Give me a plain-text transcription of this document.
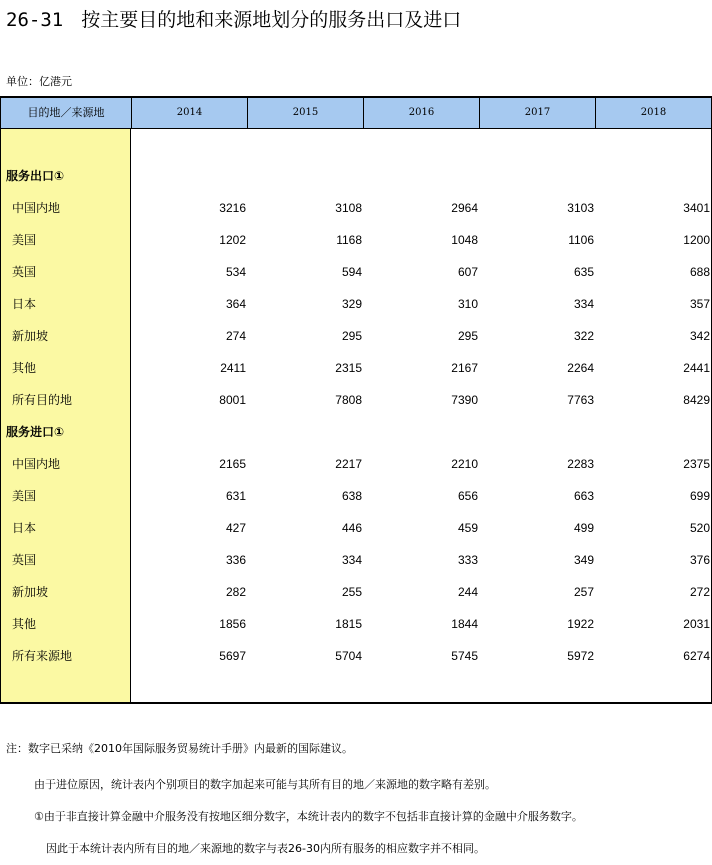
26-31 按主要目的地和来源地划分的服务出口及进口
单位：亿港元
目的地／来源地	2014	2015	2016	2017	2018
服务出口①
中国内地	3216	3108	2964	3103	3401
美国	1202	1168	1048	1106	1200
英国	534	594	607	635	688
日本	364	329	310	334	357
新加坡	274	295	295	322	342
其他	2411	2315	2167	2264	2441
所有目的地	8001	7808	7390	7763	8429
服务进口①
中国内地	2165	2217	2210	2283	2375
美国	631	638	656	663	699
日本	427	446	459	499	520
英国	336	334	333	349	376
新加坡	282	255	244	257	272
其他	1856	1815	1844	1922	2031
所有来源地	5697	5704	5745	5972	6274
注：数字已采纳《2010年国际服务贸易统计手册》内最新的国际建议。
由于进位原因，统计表内个别项目的数字加起来可能与其所有目的地／来源地的数字略有差别。
①由于非直接计算金融中介服务没有按地区细分数字，本统计表内的数字不包括非直接计算的金融中介服务数字。
因此于本统计表内所有目的地／来源地的数字与表26-30内所有服务的相应数字并不相同。
